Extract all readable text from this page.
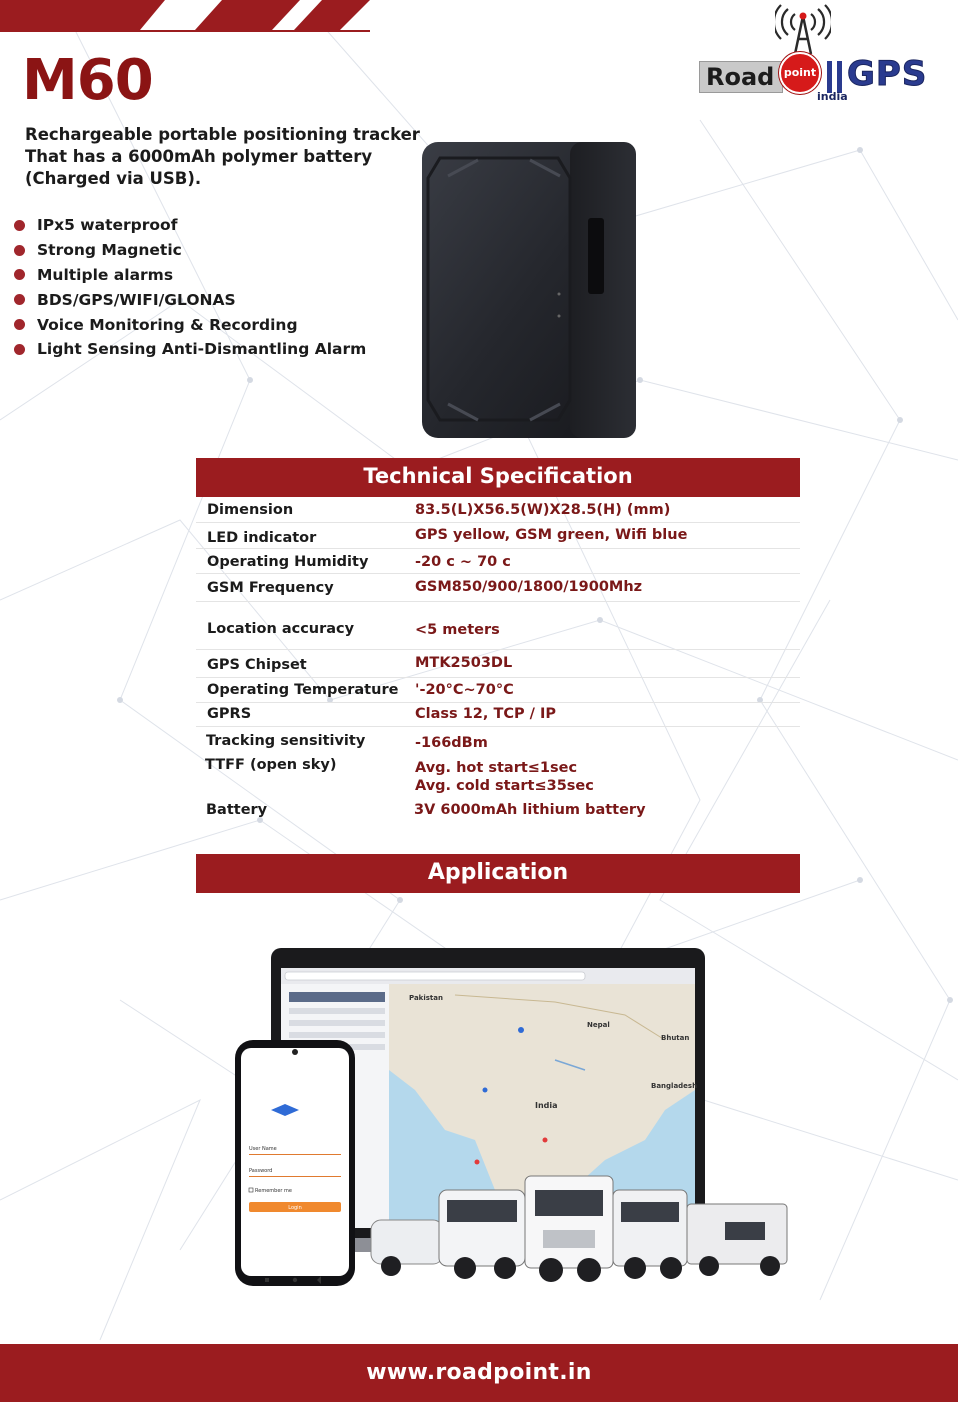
M60
Rechargeable portable positioning tracker
That has a 6000mAh polymer battery
(Charged via USB).
IPx5 waterproof
Strong Magnetic
Multiple alarms
BDS/GPS/WIFI/GLONAS
Voice Monitoring & Recording
Light Sensing Anti-Dismantling Alarm
Road point GPS
india
Technical Specification
Dimension	83.5(L)X56.5(W)X28.5(H) (mm)
LED indicator	GPS yellow, GSM green, Wifi blue
Operating Humidity	-20 c ~ 70 c
GSM Frequency	GSM850/900/1800/1900Mhz
Location accuracy	<5 meters
GPS Chipset	MTK2503DL
Operating Temperature	'-20°C~70°C
GPRS	Class 12, TCP / IP
Tracking sensitivity	-166dBm
TTFF (open sky)	Avg. hot start≤1sec
Avg. cold start≤35sec
Battery	3V 6000mAh lithium battery
Application
Pakistan
Nepal
Bhutan
Bangladesh
India
User Name
Password
Remember me
Login
www.roadpoint.in
